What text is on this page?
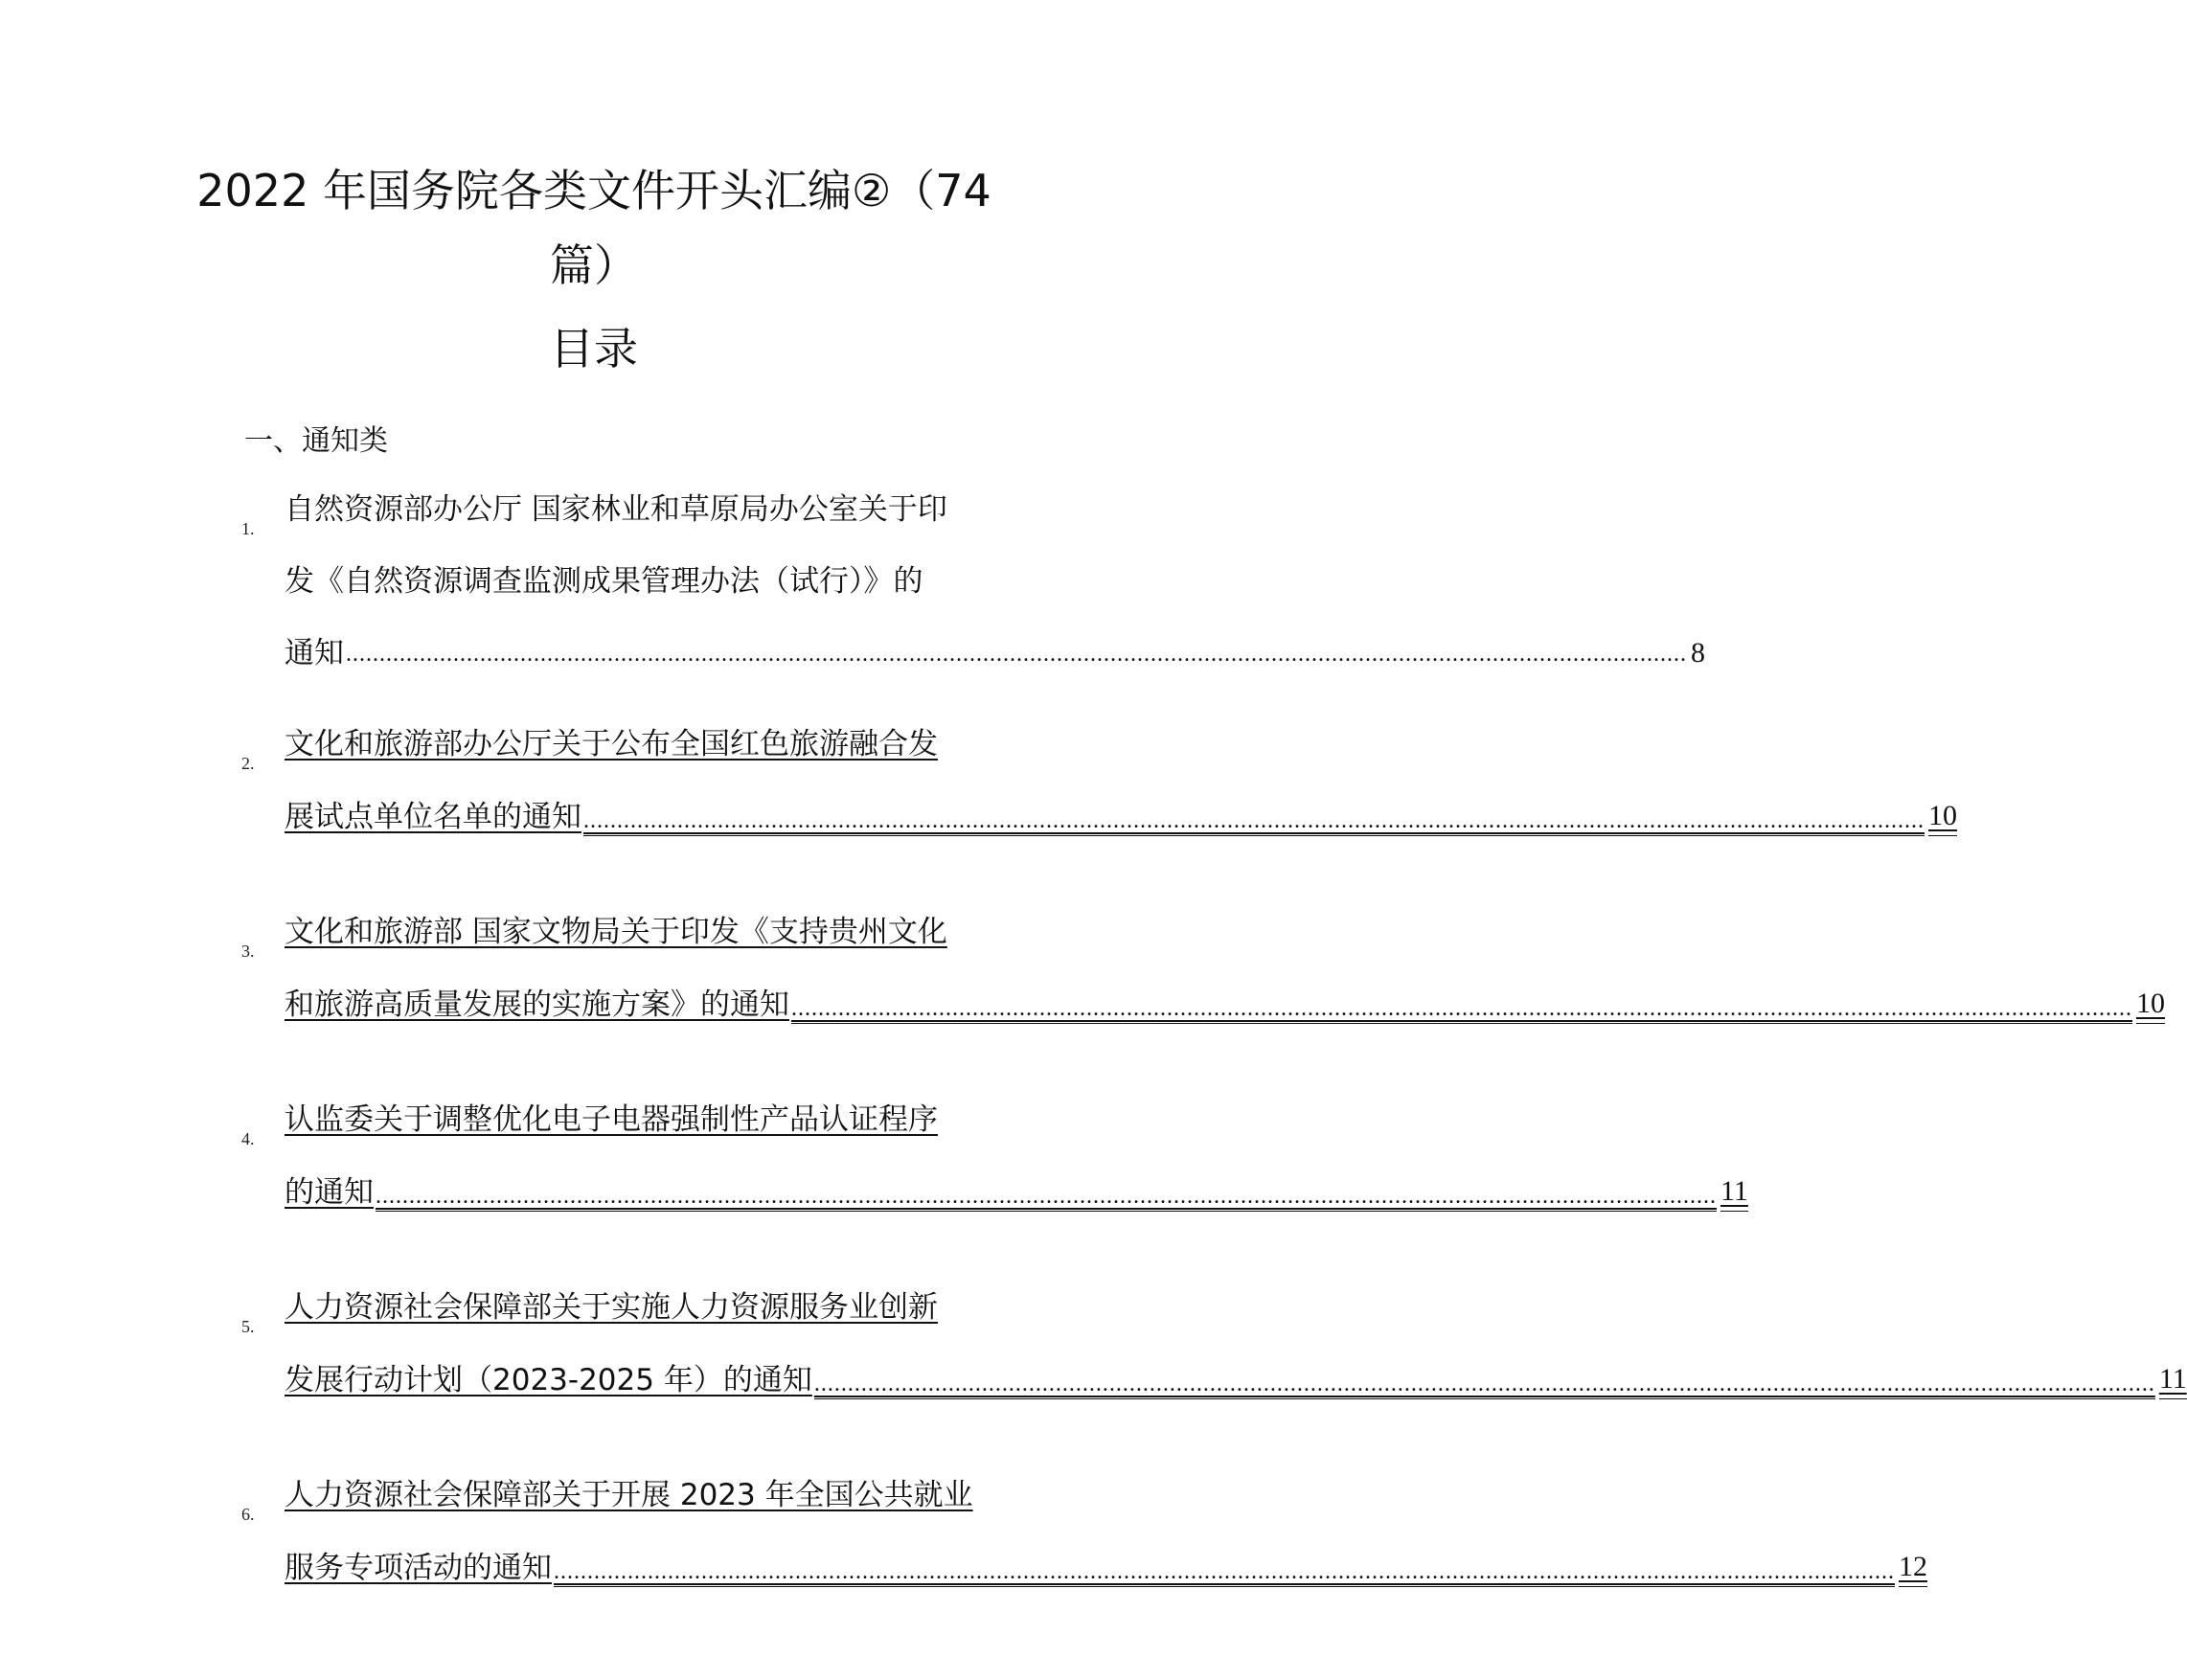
2022 年国务院各类文件开头汇编②（74
篇）
目录
一、通知类
1.
自然资源部办公厅 国家林业和草原局办公室关于印
发《自然资源调查监测成果管理办法（试行）》的
通知 ........................................................................................................................................................................................................ 8
2.
文化和旅游部办公厅关于公布全国红色旅游融合发
展试点单位名单的通知 ........................................................................................................................................................................................................ 10
3.
文化和旅游部 国家文物局关于印发《支持贵州文化
和旅游高质量发展的实施方案》的通知 ........................................................................................................................................................................................................ 10
4.
认监委关于调整优化电子电器强制性产品认证程序
的通知 ........................................................................................................................................................................................................ 11
5.
人力资源社会保障部关于实施人力资源服务业创新
发展行动计划（2023-2025 年）的通知 ........................................................................................................................................................................................................ 11
6.
人力资源社会保障部关于开展 2023 年全国公共就业
服务专项活动的通知 ........................................................................................................................................................................................................ 12
